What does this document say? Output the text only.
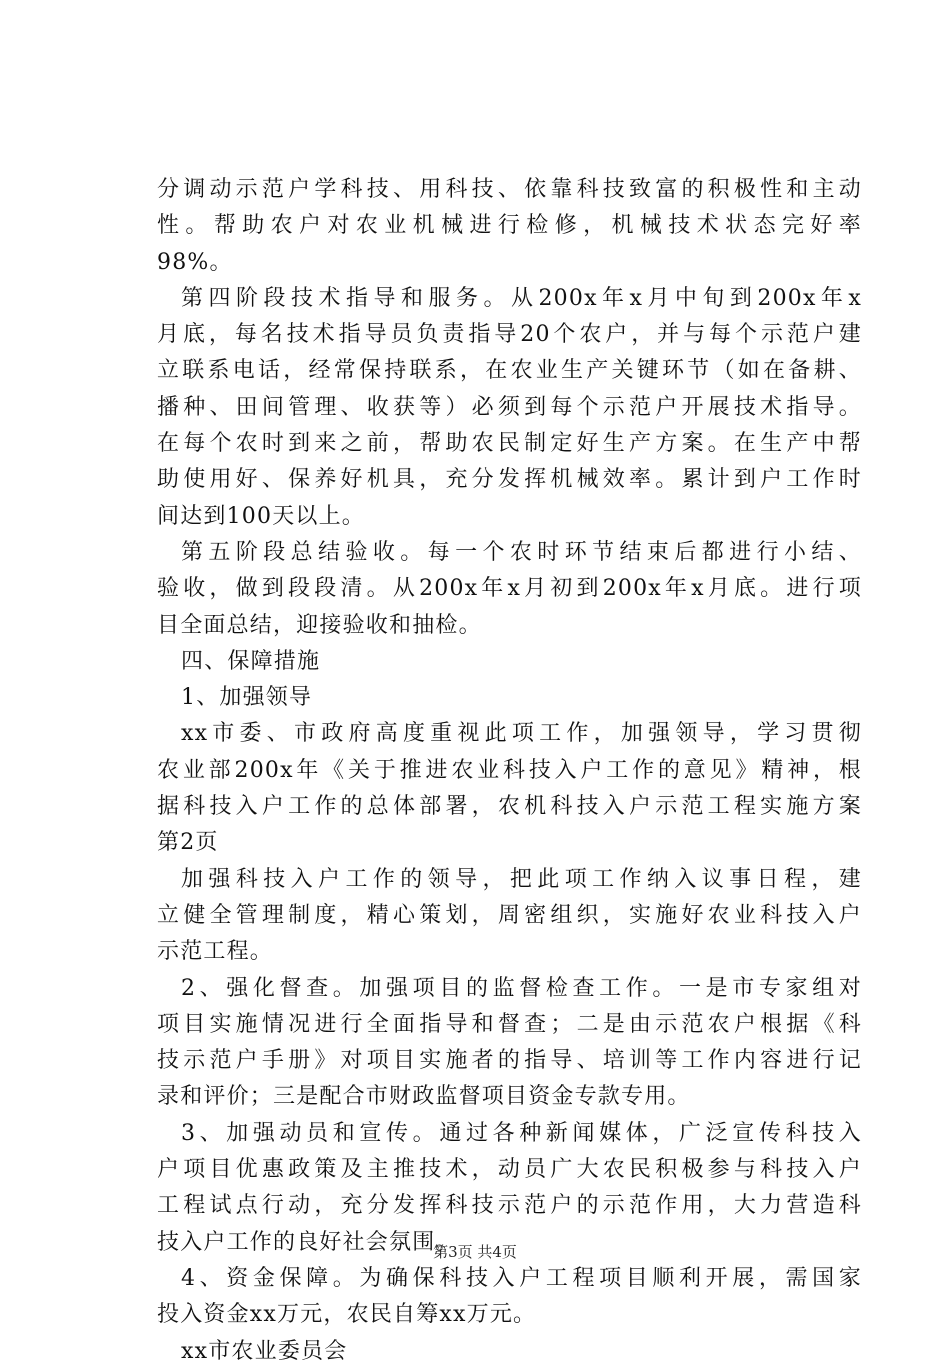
分调动示范户学科技、用科技、依靠科技致富的积极性和主动
性。帮助农户对农业机械进行检修，机械技术状态完好率
98%。
第四阶段技术指导和服务。从200x年x月中旬到200x年x
月底，每名技术指导员负责指导20个农户，并与每个示范户建
立联系电话，经常保持联系，在农业生产关键环节（如在备耕、
播种、田间管理、收获等）必须到每个示范户开展技术指导。
在每个农时到来之前，帮助农民制定好生产方案。在生产中帮
助使用好、保养好机具，充分发挥机械效率。累计到户工作时
间达到100天以上。
第五阶段总结验收。每一个农时环节结束后都进行小结、
验收，做到段段清。从200x年x月初到200x年x月底。进行项
目全面总结，迎接验收和抽检。
四、保障措施
1、加强领导
xx市委、市政府高度重视此项工作，加强领导，学习贯彻
农业部200x年《关于推进农业科技入户工作的意见》精神，根
据科技入户工作的总体部署，农机科技入户示范工程实施方案
第2页
加强科技入户工作的领导，把此项工作纳入议事日程，建
立健全管理制度，精心策划，周密组织，实施好农业科技入户
示范工程。
2、强化督查。加强项目的监督检查工作。一是市专家组对
项目实施情况进行全面指导和督查；二是由示范农户根据《科
技示范户手册》对项目实施者的指导、培训等工作内容进行记
录和评价；三是配合市财政监督项目资金专款专用。
3、加强动员和宣传。通过各种新闻媒体，广泛宣传科技入
户项目优惠政策及主推技术，动员广大农民积极参与科技入户
工程试点行动，充分发挥科技示范户的示范作用，大力营造科
技入户工作的良好社会氛围。
4、资金保障。为确保科技入户工程项目顺利开展，需国家
投入资金xx万元，农民自筹xx万元。
xx市农业委员会
第3页 共4页
